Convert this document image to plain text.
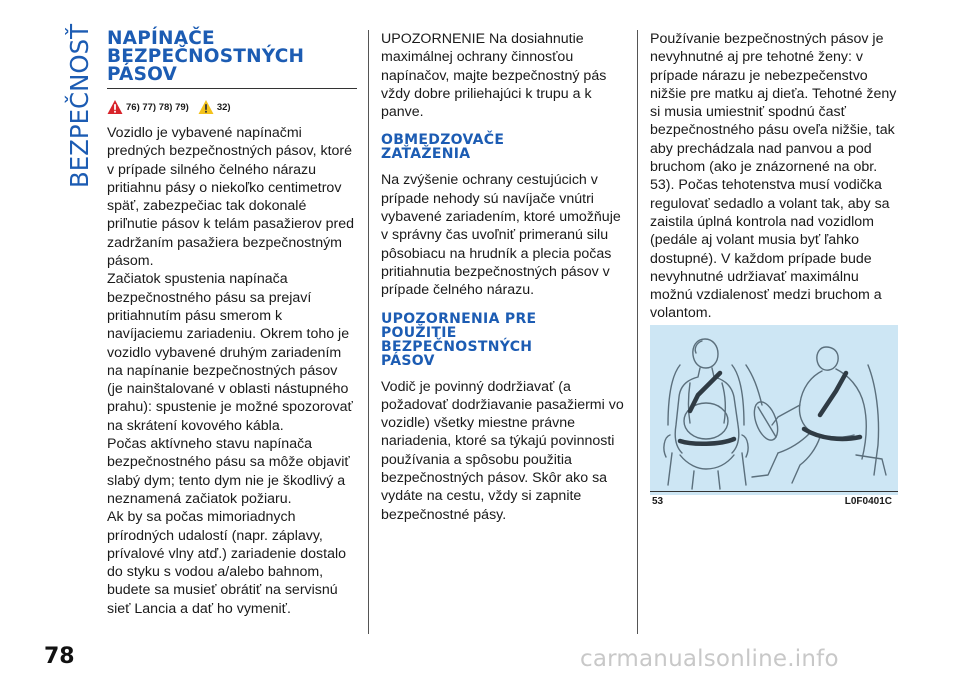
BEZPEČNOSŤ NAPÍNAČE
BEZPEČNOSTNÝCH
PÁSOV
76) 77) 78) 79)	32)

Vozidlo je vybavené napínačmi predných bezpečnostných pásov, ktoré v prípade silného čelného nárazu pritiahnu pásy o niekoľko centimetrov späť, zabezpečiac tak dokonalé priľnutie pásov k telám pasažierov pred zadržaním pasažiera bezpečnostným pásom.

Začiatok spustenia napínača bezpečnostného pásu sa prejaví pritiahnutím pásu smerom k navíjaciemu zariadeniu. Okrem toho je vozidlo vybavené druhým zariadením na napínanie bezpečnostných pásov (je nainštalované v oblasti nástupného prahu): spustenie je možné spozorovať na skrátení kovového kábla.

Počas aktívneho stavu napínača bezpečnostného pásu sa môže objaviť slabý dym; tento dym nie je škodlivý a neznamená začiatok požiaru.

Ak by sa počas mimoriadnych prírodných udalostí (napr. záplavy, prívalové vlny atď.) zariadenie dostalo do styku s vodou a/alebo bahnom, budete sa musieť obrátiť na servisnú sieť Lancia a dať ho vymeniť.

UPOZORNENIE Na dosiahnutie maximálnej ochrany činnosťou napínačov, majte bezpečnostný pás vždy dobre priliehajúci k trupu a k panve.

OBMEDZOVAČE
ZAŤAŽENIA

Na zvýšenie ochrany cestujúcich v prípade nehody sú navíjače vnútri vybavené zariadením, ktoré umožňuje v správny čas uvoľniť primeranú silu pôsobiacu na hrudník a plecia počas pritiahnutia bezpečnostných pásov v prípade čelného nárazu.

UPOZORNENIA PRE
POUŽITIE
BEZPEČNOSTNÝCH
PÁSOV

Vodič je povinný dodržiavať (a požadovať dodržiavanie pasažiermi vo vozidle) všetky miestne právne nariadenia, ktoré sa týkajú povinnosti používania a spôsobu použitia bezpečnostných pásov. Skôr ako sa vydáte na cestu, vždy si zapnite bezpečnostné pásy.

Používanie bezpečnostných pásov je nevyhnutné aj pre tehotné ženy: v prípade nárazu je nebezpečenstvo nižšie pre matku aj dieťa. Tehotné ženy si musia umiestniť spodnú časť bezpečnostného pásu oveľa nižšie, tak aby prechádzala nad panvou a pod bruchom (ako je znázornené na obr. 53). Počas tehotenstva musí vodička regulovať sedadlo a volant tak, aby sa zaistila úplná kontrola nad vozidlom (pedále aj volant musia byť ľahko dostupné). V každom prípade bude nevyhnutné udržiavať maximálnu možnú vzdialenosť medzi bruchom a volantom.

53	L0F0401C
78	carmanualsonline.info
